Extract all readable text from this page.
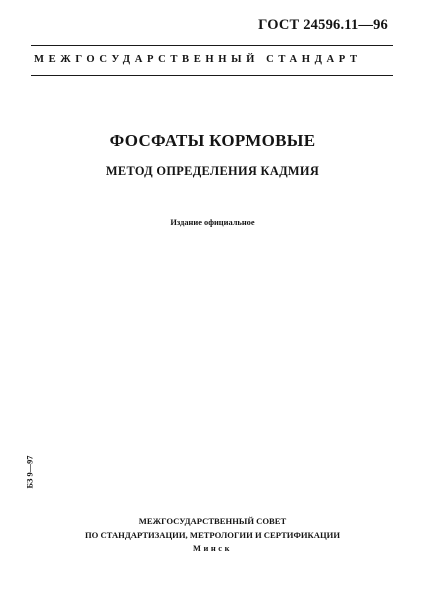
ГОСТ 24596.11—96
МЕЖГОСУДАРСТВЕННЫЙ СТАНДАРТ
ФОСФАТЫ КОРМОВЫЕ
МЕТОД ОПРЕДЕЛЕНИЯ КАДМИЯ
Издание официальное
БЗ 9—97
МЕЖГОСУДАРСТВЕННЫЙ СОВЕТ
ПО СТАНДАРТИЗАЦИИ, МЕТРОЛОГИИ И СЕРТИФИКАЦИИ
Минск
